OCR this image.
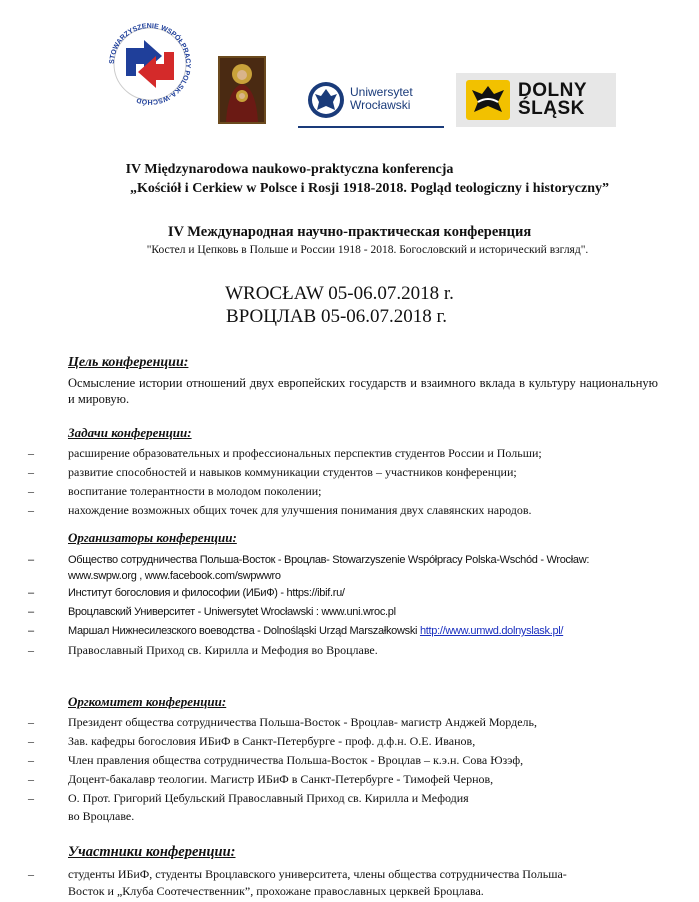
STOWARZYSZENIE WSPÓŁPRACY POLSKA-WSCHÓD
Uniwersytet
Wrocławski
DOLNY
ŚLĄSK
IV Międzynarodowa naukowo-praktyczna konferencja
„Kościół i Cerkiew w Polsce i Rosji 1918-2018. Pogląd teologiczny i historyczny”
IV Международная научно-практическая конференция
"Костел и Цепковь в Польше и России 1918 - 2018. Богословский и исторический взгляд".
WROCŁAW 05-06.07.2018 r.
ВРОЦЛАВ 05-06.07.2018 г.
Цель конференции:
Осмысление истории отношений двух европейских государств и взаимного вклада в культуру национальную и мировую.
Задачи конференции:
–	расширение образовательных и профессиональных перспектив студентов России и Польши;
–	развитие способностей и навыков коммуникации студентов – участников конференции;
–	воспитание толерантности в молодом поколении;
–	нахождение возможных общих точек для улучшения понимания двух славянских народов.
Организаторы конференции:
–	Общество сотрудничества Польша-Восток - Вроцлав- Stowarzyszenie Współpracy Polska-Wschód - Wrocław:
www.swpw.org , www.facebook.com/swpwwro
–	Институт богословия и философии (ИБиФ) - https://ibif.ru/
–	Вроцлавский Университет - Uniwersytet Wrocławski : www.uni.wroc.pl
–	Маршал Нижнесилезского воеводства - Dolnośląski Urząd Marszałkowski http://www.umwd.dolnyslask.pl/
–	Православный Приход св. Кирилла и Мефодия во Вроцлаве.
Оргкомитет конференции:
–	Президент общества сотрудничества Польша-Восток - Вроцлав- магистр Анджей Мордель,
–	Зав. кафедры богословия ИБиФ в Санкт-Петербурге - проф. д.ф.н. О.Е. Иванов,
–	Член правления общества сотрудничества Польша-Восток - Вроцлав – к.э.н. Сова Юзэф,
–	Доцент-бакалавр теологии. Магистр ИБиФ в Санкт-Петербурге - Тимофей Чернов,
–	О. Прот. Григорий Цебульский Православный Приход св. Кирилла и Мефодия
во Вроцлаве.
Участники конференции:
–	студенты ИБиФ, студенты Вроцлавского университета, члены общества сотрудничества Польша-
Восток и „Клуба Соотечественник”, прохожане православных церквей Броцлава.
